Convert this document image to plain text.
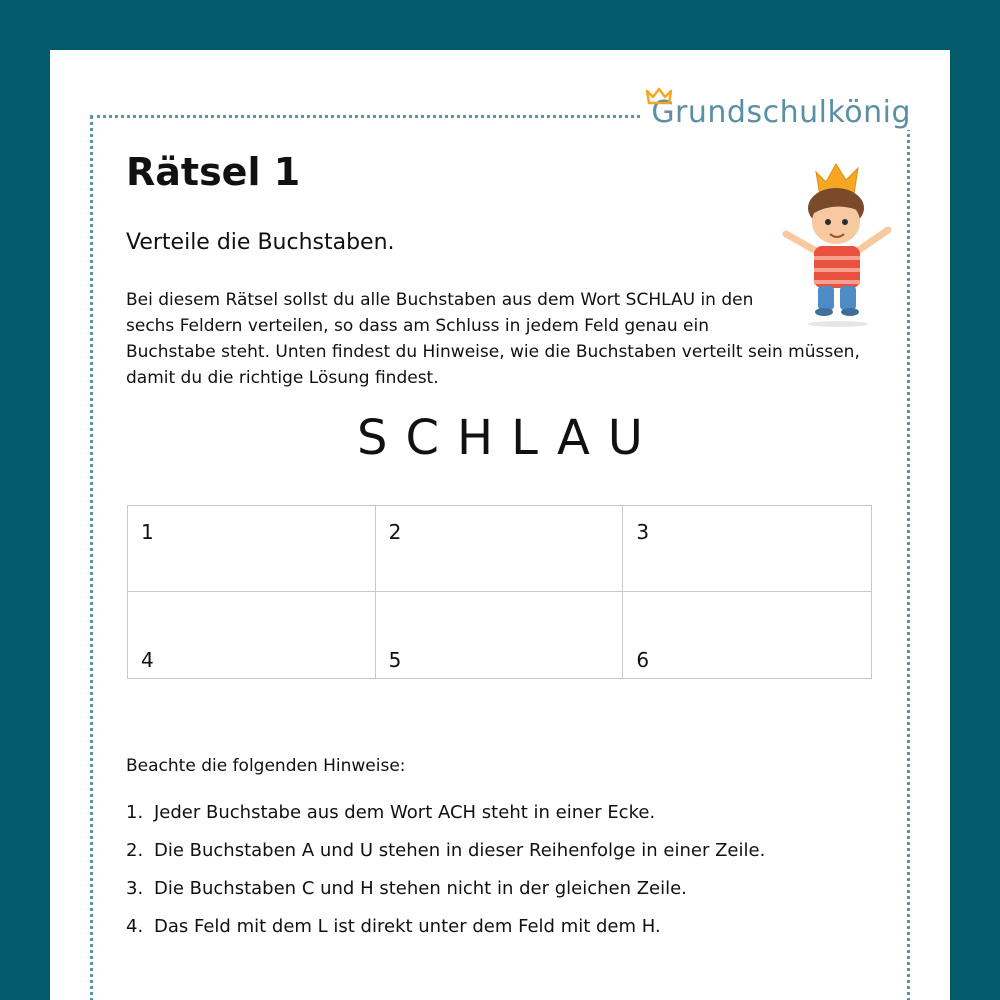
Grundschulkönig
Rätsel 1
Verteile die Buchstaben.
Bei diesem Rätsel sollst du alle Buchstaben aus dem Wort SCHLAU in den
sechs Feldern verteilen, so dass am Schluss in jedem Feld genau ein
Buchstabe steht. Unten findest du Hinweise, wie die Buchstaben verteilt sein müssen,
damit du die richtige Lösung findest.
SCHLAU
1	2	3
4	5	6
Beachte die folgenden Hinweise:
1. Jeder Buchstabe aus dem Wort ACH steht in einer Ecke.
2. Die Buchstaben A und U stehen in dieser Reihenfolge in einer Zeile.
3. Die Buchstaben C und H stehen nicht in der gleichen Zeile.
4. Das Feld mit dem L ist direkt unter dem Feld mit dem H.
